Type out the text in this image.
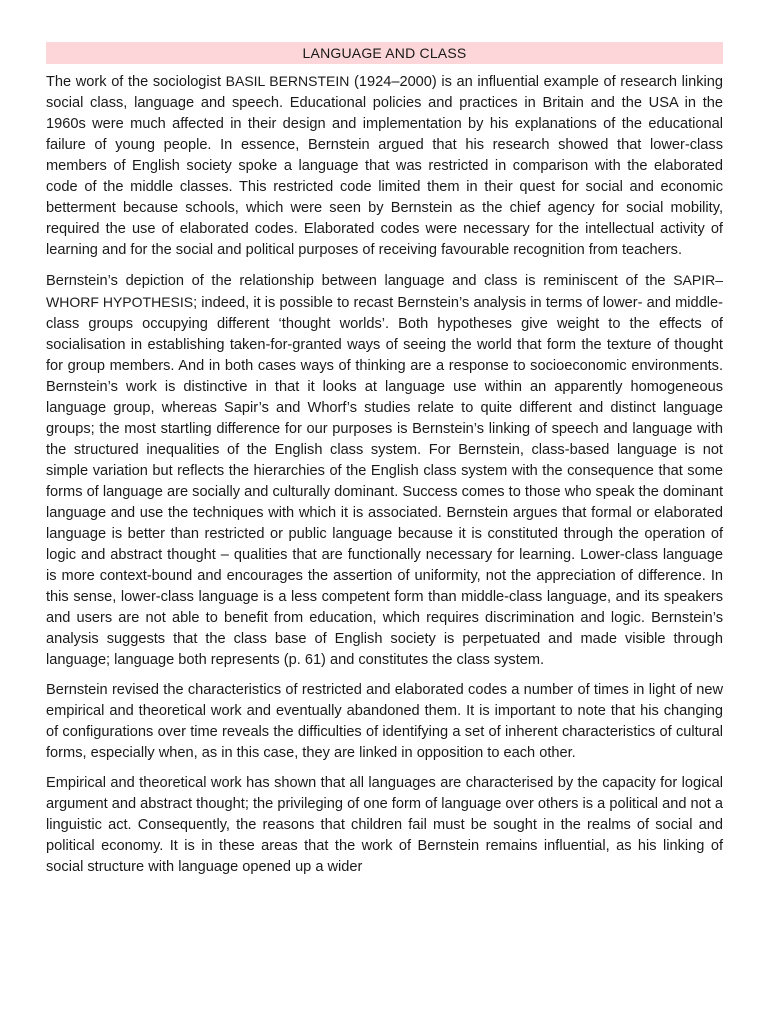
LANGUAGE AND CLASS

The work of the sociologist BASIL BERNSTEIN (1924–2000) is an influential example of research linking social class, language and speech. Educational policies and practices in Britain and the USA in the 1960s were much affected in their design and implementation by his explanations of the educational failure of young people. In essence, Bernstein argued that his research showed that lower-class members of English society spoke a language that was restricted in comparison with the elaborated code of the middle classes. This restricted code limited them in their quest for social and economic betterment because schools, which were seen by Bernstein as the chief agency for social mobility, required the use of elaborated codes. Elaborated codes were necessary for the intellectual activity of learning and for the social and political purposes of receiving favourable recognition from teachers.

Bernstein’s depiction of the relationship between language and class is reminiscent of the SAPIR–WHORF HYPOTHESIS; indeed, it is possible to recast Bernstein’s analysis in terms of lower- and middle-class groups occupying different ‘thought worlds’. Both hypotheses give weight to the effects of socialisation in establishing taken-for-granted ways of seeing the world that form the texture of thought for group members. And in both cases ways of thinking are a response to socioeconomic environments. Bernstein’s work is distinctive in that it looks at language use within an apparently homogeneous language group, whereas Sapir’s and Whorf’s studies relate to quite different and distinct language groups; the most startling difference for our purposes is Bernstein’s linking of speech and language with the structured inequalities of the English class system. For Bernstein, class-based language is not simple variation but reflects the hierarchies of the English class system with the consequence that some forms of language are socially and culturally dominant. Success comes to those who speak the dominant language and use the techniques with which it is associated. Bernstein argues that formal or elaborated language is better than restricted or public language because it is constituted through the operation of logic and abstract thought – qualities that are functionally necessary for learning. Lower-class language is more context-bound and encourages the assertion of uniformity, not the appreciation of difference. In this sense, lower-class language is a less competent form than middle-class language, and its speakers and users are not able to benefit from education, which requires discrimination and logic. Bernstein’s analysis suggests that the class base of English society is perpetuated and made visible through language; language both represents (p. 61) and constitutes the class system.

Bernstein revised the characteristics of restricted and elaborated codes a number of times in light of new empirical and theoretical work and eventually abandoned them. It is important to note that his changing of configurations over time reveals the difficulties of identifying a set of inherent characteristics of cultural forms, especially when, as in this case, they are linked in opposition to each other.

Empirical and theoretical work has shown that all languages are characterised by the capacity for logical argument and abstract thought; the privileging of one form of language over others is a political and not a linguistic act. Consequently, the reasons that children fail must be sought in the realms of social and political economy. It is in these areas that the work of Bernstein remains influential, as his linking of social structure with language opened up a wider
